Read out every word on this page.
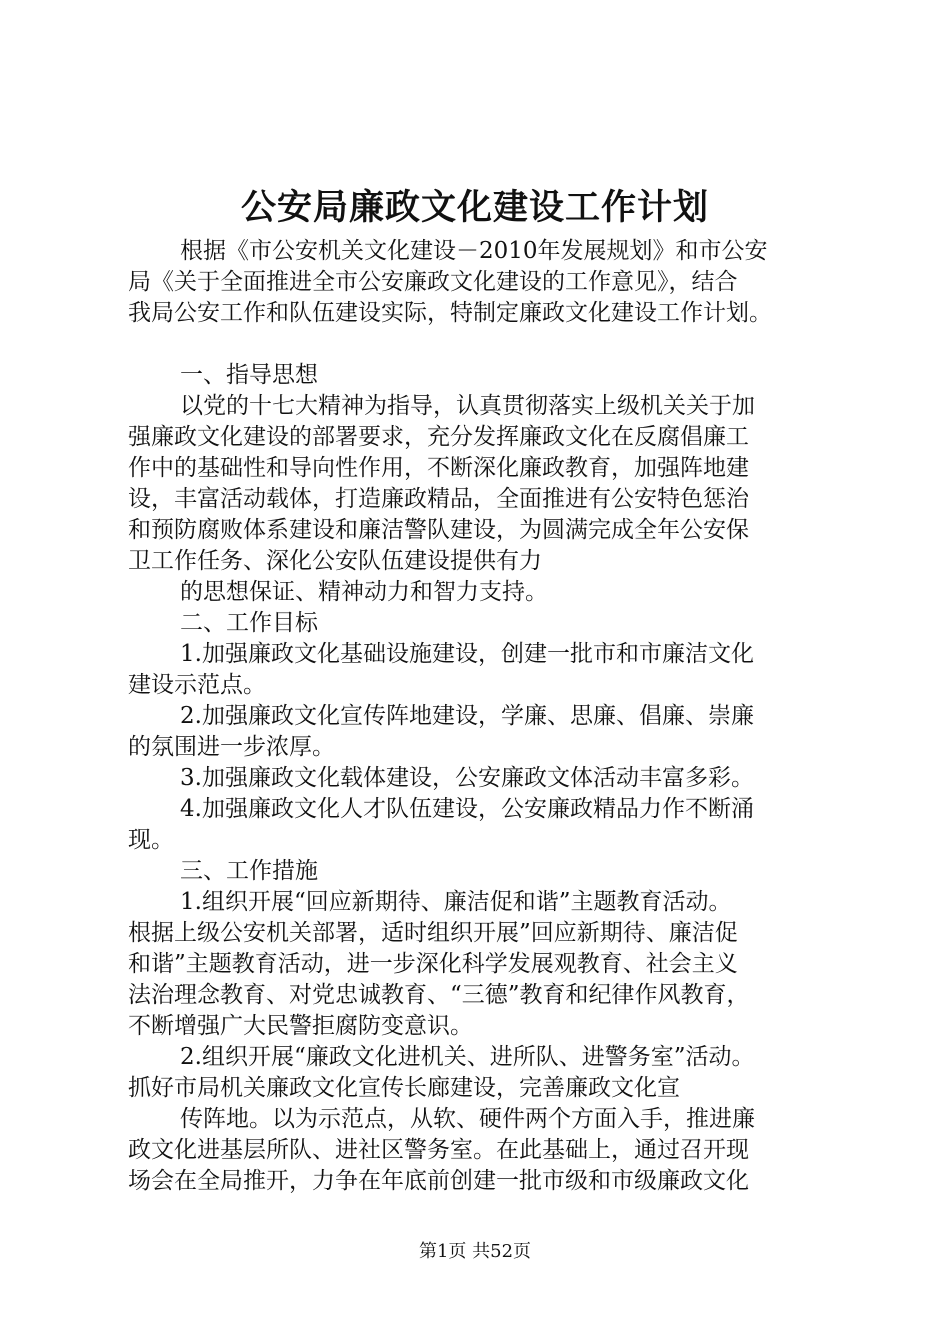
公安局廉政文化建设工作计划
根据《市公安机关文化建设－2010年发展规划》和市公安
局《关于全面推进全市公安廉政文化建设的工作意见》，结合
我局公安工作和队伍建设实际，特制定廉政文化建设工作计划。
一、指导思想
以党的十七大精神为指导，认真贯彻落实上级机关关于加
强廉政文化建设的部署要求，充分发挥廉政文化在反腐倡廉工
作中的基础性和导向性作用，不断深化廉政教育，加强阵地建
设，丰富活动载体，打造廉政精品，全面推进有公安特色惩治
和预防腐败体系建设和廉洁警队建设，为圆满完成全年公安保
卫工作任务、深化公安队伍建设提供有力
的思想保证、精神动力和智力支持。
二、工作目标
1.加强廉政文化基础设施建设，创建一批市和市廉洁文化
建设示范点。
2.加强廉政文化宣传阵地建设，学廉、思廉、倡廉、崇廉
的氛围进一步浓厚。
3.加强廉政文化载体建设，公安廉政文体活动丰富多彩。
4.加强廉政文化人才队伍建设，公安廉政精品力作不断涌
现。
三、工作措施
1.组织开展“回应新期待、廉洁促和谐”主题教育活动。
根据上级公安机关部署，适时组织开展”回应新期待、廉洁促
和谐”主题教育活动，进一步深化科学发展观教育、社会主义
法治理念教育、对党忠诚教育、“三德”教育和纪律作风教育，
不断增强广大民警拒腐防变意识。
2.组织开展“廉政文化进机关、进所队、进警务室”活动。
抓好市局机关廉政文化宣传长廊建设，完善廉政文化宣
传阵地。以为示范点，从软、硬件两个方面入手，推进廉
政文化进基层所队、进社区警务室。在此基础上，通过召开现
场会在全局推开，力争在年底前创建一批市级和市级廉政文化
第1页 共52页
